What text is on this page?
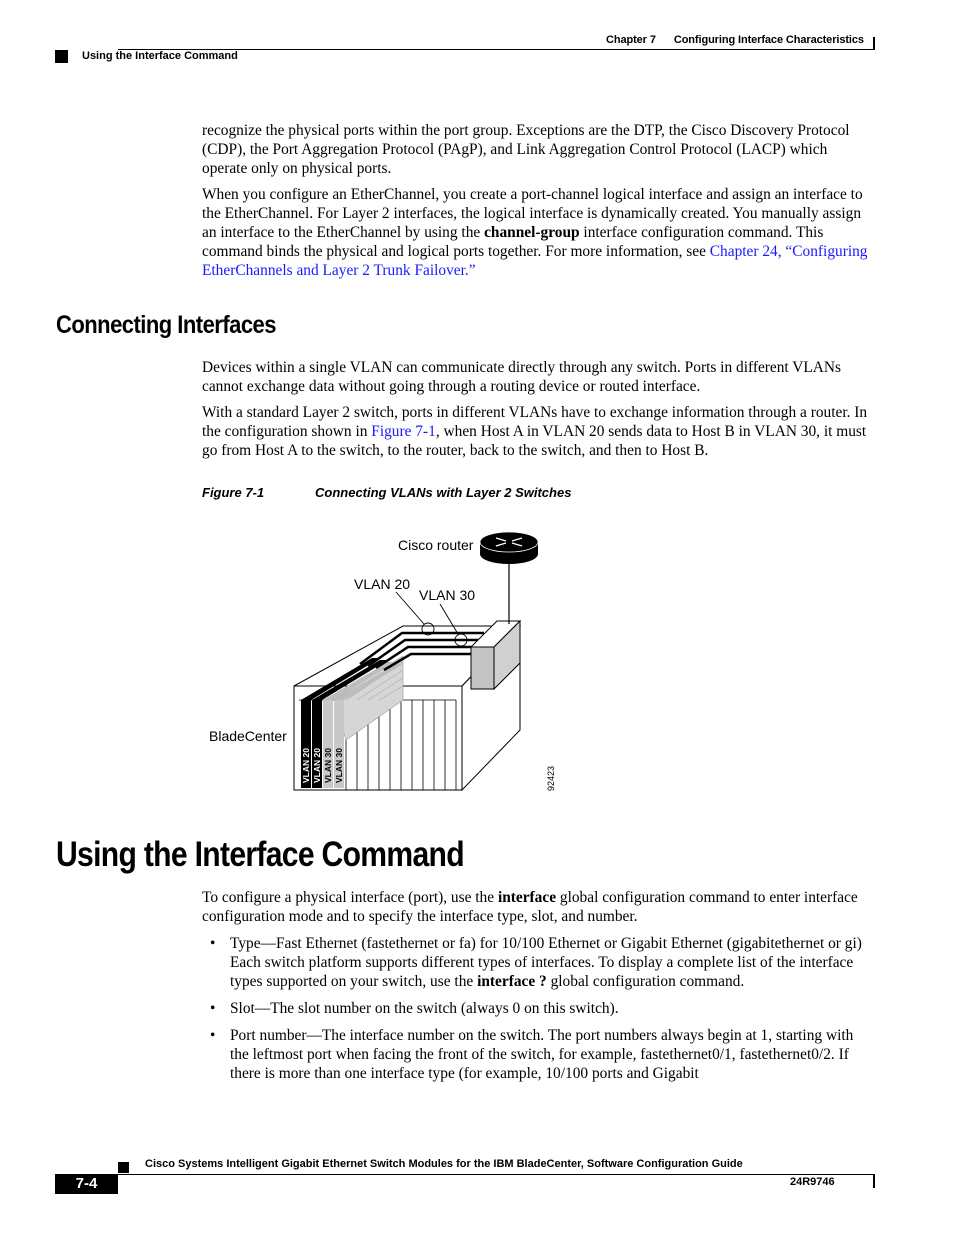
Chapter 7 Configuring Interface Characteristics
Using the Interface Command

recognize the physical ports within the port group. Exceptions are the DTP, the Cisco Discovery Protocol (CDP), the Port Aggregation Protocol (PAgP), and Link Aggregation Control Protocol (LACP) which operate only on physical ports.

When you configure an EtherChannel, you create a port-channel logical interface and assign an interface to the EtherChannel. For Layer 2 interfaces, the logical interface is dynamically created. You manually assign an interface to the EtherChannel by using the channel-group interface configuration command. This command binds the physical and logical ports together. For more information, see Chapter 24, “Configuring EtherChannels and Layer 2 Trunk Failover.”

Connecting Interfaces

Devices within a single VLAN can communicate directly through any switch. Ports in different VLANs cannot exchange data without going through a routing device or routed interface.

With a standard Layer 2 switch, ports in different VLANs have to exchange information through a router. In the configuration shown in Figure 7-1, when Host A in VLAN 20 sends data to Host B in VLAN 30, it must go from Host A to the switch, to the router, back to the switch, and then to Host B.

Figure 7-1	Connecting VLANs with Layer 2 Switches
Cisco router
VLAN 20
VLAN 30
BladeCenter
VLAN 20 VLAN 20 VLAN 30 VLAN 30	92423
Using the Interface Command

To configure a physical interface (port), use the interface global configuration command to enter interface configuration mode and to specify the interface type, slot, and number.

• Type—Fast Ethernet (fastethernet or fa) for 10/100 Ethernet or Gigabit Ethernet (gigabitethernet or gi) Each switch platform supports different types of interfaces. To display a complete list of the interface types supported on your switch, use the interface ? global configuration command.
• Slot—The slot number on the switch (always 0 on this switch).
• Port number—The interface number on the switch. The port numbers always begin at 1, starting with the leftmost port when facing the front of the switch, for example, fastethernet0/1, fastethernet0/2. If there is more than one interface type (for example, 10/100 ports and Gigabit
Cisco Systems Intelligent Gigabit Ethernet Switch Modules for the IBM BladeCenter, Software Configuration Guide
7-4	24R9746
